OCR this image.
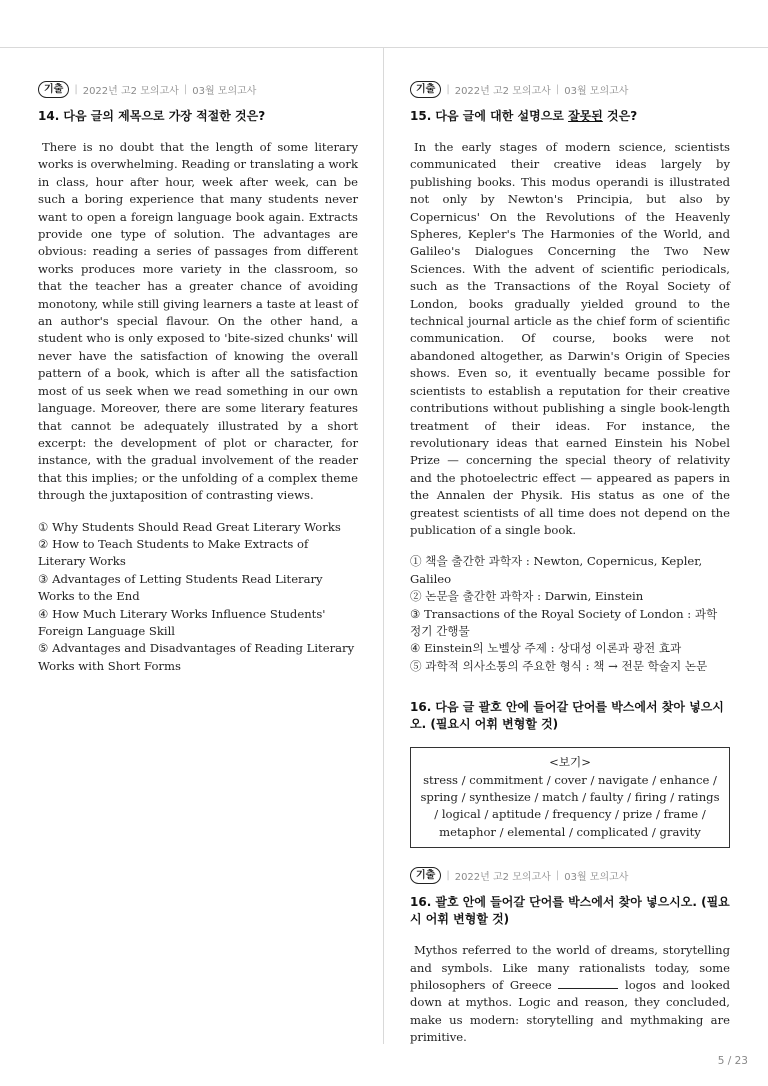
기출	| 2022년 고2 모의고사 | 03월 모의고사
14. 다음 글의 제목으로 가장 적절한 것은?

There is no doubt that the length of some literary works is overwhelming. Reading or translating a work in class, hour after hour, week after week, can be such a boring experience that many students never want to open a foreign language book again. Extracts provide one type of solution. The advantages are obvious: reading a series of passages from different works produces more variety in the classroom, so that the teacher has a greater chance of avoiding monotony, while still giving learners a taste at least of an author's special flavour. On the other hand, a student who is only exposed to 'bite-sized chunks' will never have the satisfaction of knowing the overall pattern of a book, which is after all the satisfaction most of us seek when we read something in our own language. Moreover, there are some literary features that cannot be adequately illustrated by a short excerpt: the development of plot or character, for instance, with the gradual involvement of the reader that this implies; or the unfolding of a complex theme through the juxtaposition of contrasting views.

① Why Students Should Read Great Literary Works
② How to Teach Students to Make Extracts of Literary Works
③ Advantages of Letting Students Read Literary Works to the End
④ How Much Literary Works Influence Students' Foreign Language Skill
⑤ Advantages and Disadvantages of Reading Literary Works with Short Forms
기출	| 2022년 고2 모의고사 | 03월 모의고사
15. 다음 글에 대한 설명으로 잘못된 것은?

In the early stages of modern science, scientists communicated their creative ideas largely by publishing books. This modus operandi is illustrated not only by Newton's Principia, but also by Copernicus' On the Revolutions of the Heavenly Spheres, Kepler's The Harmonies of the World, and Galileo's Dialogues Concerning the Two New Sciences. With the advent of scientific periodicals, such as the Transactions of the Royal Society of London, books gradually yielded ground to the technical journal article as the chief form of scientific communication. Of course, books were not abandoned altogether, as Darwin's Origin of Species shows. Even so, it eventually became possible for scientists to establish a reputation for their creative contributions without publishing a single book-length treatment of their ideas. For instance, the revolutionary ideas that earned Einstein his Nobel Prize — concerning the special theory of relativity and the photoelectric effect — appeared as papers in the Annalen der Physik. His status as one of the greatest scientists of all time does not depend on the publication of a single book.

① 책을 출간한 과학자 : Newton, Copernicus, Kepler, Galileo
② 논문을 출간한 과학자 : Darwin, Einstein
③ Transactions of the Royal Society of London : 과학 정기 간행물
④ Einstein의 노벨상 주제 : 상대성 이론과 광전 효과
⑤ 과학적 의사소통의 주요한 형식 : 책 → 전문 학술지 논문
16. 다음 글 괄호 안에 들어갈 단어를 박스에서 찾아 넣으시오. (필요시 어휘 변형할 것)
<보기>
stress / commitment / cover / navigate / enhance / spring / synthesize / match / faulty / firing / ratings / logical / aptitude / frequency / prize / frame / metaphor / elemental / complicated / gravity
기출	| 2022년 고2 모의고사 | 03월 모의고사
16. 괄호 안에 들어갈 단어를 박스에서 찾아 넣으시오. (필요시 어휘 변형할 것)

Mythos referred to the world of dreams, storytelling and symbols. Like many rationalists today, some philosophers of Greece	logos and looked down at mythos. Logic and reason, they concluded, make us modern: storytelling and mythmaking are primitive.

5 / 23
